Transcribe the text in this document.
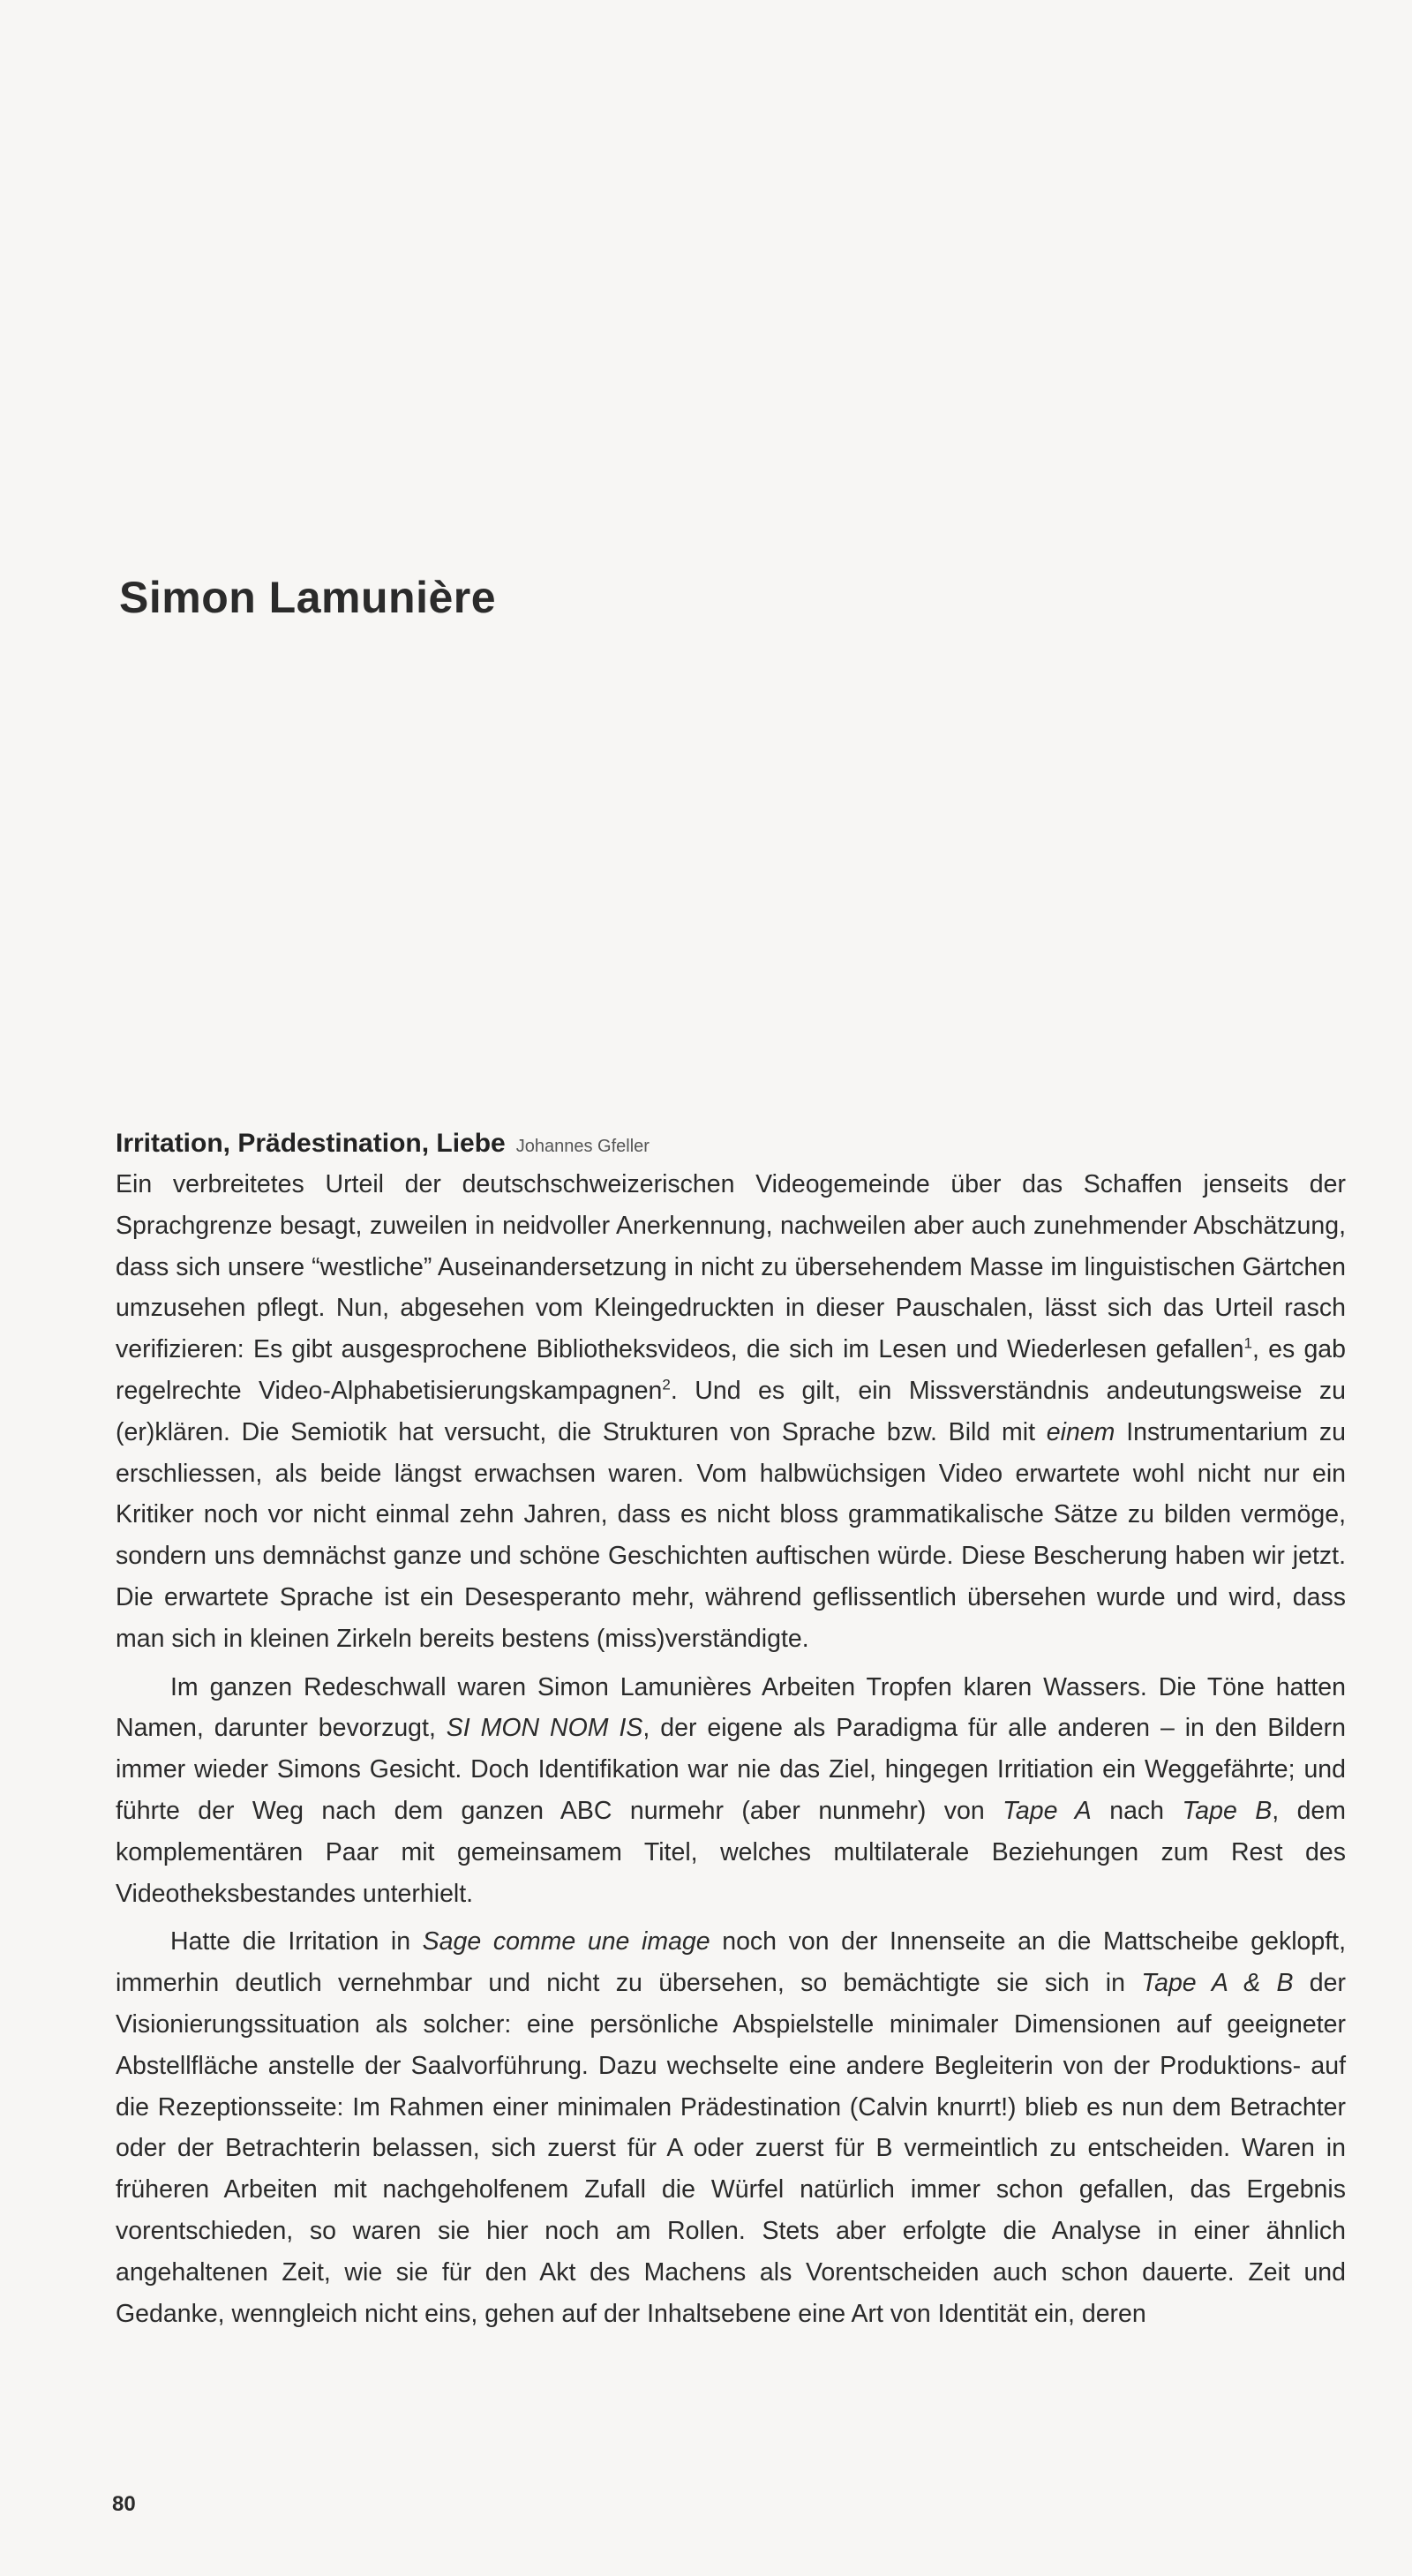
Simon Lamunière

Irritation, Prädestination, Liebe Johannes Gfeller

Ein verbreitetes Urteil der deutschschweizerischen Videogemeinde über das Schaffen jenseits der Sprachgrenze besagt, zuweilen in neidvoller Anerkennung, nachweilen aber auch zunehmender Abschätzung, dass sich unsere “westliche” Auseinandersetzung in nicht zu übersehendem Masse im linguistischen Gärtchen umzusehen pflegt. Nun, abgesehen vom Kleingedruckten in dieser Pauschalen, lässt sich das Urteil rasch verifizieren: Es gibt ausgesprochene Bibliotheksvideos, die sich im Lesen und Wiederlesen gefallen$^1$, es gab regelrechte Video-Alphabetisierungskampagnen$^2$. Und es gilt, ein Missverständnis andeutungsweise zu (er)klären. Die Semiotik hat versucht, die Strukturen von Sprache bzw. Bild mit einem Instrumentarium zu erschliessen, als beide längst erwachsen waren. Vom halbwüchsigen Video erwartete wohl nicht nur ein Kritiker noch vor nicht einmal zehn Jahren, dass es nicht bloss grammatikalische Sätze zu bilden vermöge, sondern uns demnächst ganze und schöne Geschichten auftischen würde. Diese Bescherung haben wir jetzt. Die erwartete Sprache ist ein Desesperanto mehr, während geflissentlich übersehen wurde und wird, dass man sich in kleinen Zirkeln bereits bestens (miss)verständigte.

Im ganzen Redeschwall waren Simon Lamunières Arbeiten Tropfen klaren Wassers. Die Töne hatten Namen, darunter bevorzugt, SI MON NOM IS, der eigene als Paradigma für alle anderen – in den Bildern immer wieder Simons Gesicht. Doch Identifikation war nie das Ziel, hingegen Irritiation ein Weggefährte; und führte der Weg nach dem ganzen ABC nurmehr (aber nunmehr) von Tape A nach Tape B, dem komplementären Paar mit gemeinsamem Titel, welches multilaterale Beziehungen zum Rest des Videotheksbestandes unterhielt.

Hatte die Irritation in Sage comme une image noch von der Innenseite an die Mattscheibe geklopft, immerhin deutlich vernehmbar und nicht zu übersehen, so bemächtigte sie sich in Tape A & B der Visionierungssituation als solcher: eine persönliche Abspielstelle minimaler Dimensionen auf geeigneter Abstellfläche anstelle der Saalvorführung. Dazu wechselte eine andere Begleiterin von der Produktions- auf die Rezeptionsseite: Im Rahmen einer minimalen Prädestination (Calvin knurrt!) blieb es nun dem Betrachter oder der Betrachterin belassen, sich zuerst für A oder zuerst für B vermeintlich zu entscheiden. Waren in früheren Arbeiten mit nachgeholfenem Zufall die Würfel natürlich immer schon gefallen, das Ergebnis vorentschieden, so waren sie hier noch am Rollen. Stets aber erfolgte die Analyse in einer ähnlich angehaltenen Zeit, wie sie für den Akt des Machens als Vorentscheiden auch schon dauerte. Zeit und Gedanke, wenngleich nicht eins, gehen auf der Inhaltsebene eine Art von Identität ein, deren

80
